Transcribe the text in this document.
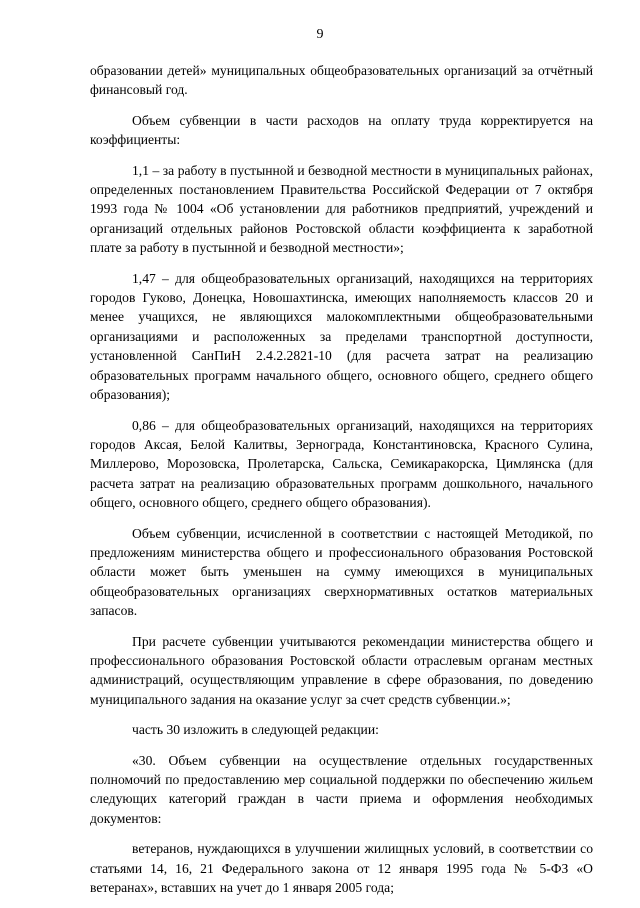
9

образовании детей» муниципальных общеобразовательных организаций за отчётный финансовый год.

Объем субвенции в части расходов на оплату труда корректируется на коэффициенты:

1,1 – за работу в пустынной и безводной местности в муниципальных районах, определенных постановлением Правительства Российской Федерации от 7 октября 1993 года № 1004 «Об установлении для работников предприятий, учреждений и организаций отдельных районов Ростовской области коэффициента к заработной плате за работу в пустынной и безводной местности»;

1,47 – для общеобразовательных организаций, находящихся на территориях городов Гуково, Донецка, Новошахтинска, имеющих наполняемость классов 20 и менее учащихся, не являющихся малокомплектными общеобразовательными организациями и расположенных за пределами транспортной доступности, установленной СанПиН 2.4.2.2821-10 (для расчета затрат на реализацию образовательных программ начального общего, основного общего, среднего общего образования);

0,86 – для общеобразовательных организаций, находящихся на территориях городов Аксая, Белой Калитвы, Зернограда, Константиновска, Красного Сулина, Миллерово, Морозовска, Пролетарска, Сальска, Семикаракорска, Цимлянска (для расчета затрат на реализацию образовательных программ дошкольного, начального общего, основного общего, среднего общего образования).

Объем субвенции, исчисленной в соответствии с настоящей Методикой, по предложениям министерства общего и профессионального образования Ростовской области может быть уменьшен на сумму имеющихся в муниципальных общеобразовательных организациях сверхнормативных остатков материальных запасов.

При расчете субвенции учитываются рекомендации министерства общего и профессионального образования Ростовской области отраслевым органам местных администраций, осуществляющим управление в сфере образования, по доведению муниципального задания на оказание услуг за счет средств субвенции.»;

часть 30 изложить в следующей редакции:

«30. Объем субвенции на осуществление отдельных государственных полномочий по предоставлению мер социальной поддержки по обеспечению жильем следующих категорий граждан в части приема и оформления необходимых документов:

ветеранов, нуждающихся в улучшении жилищных условий, в соответствии со статьями 14, 16, 21 Федерального закона от 12 января 1995 года № 5-ФЗ «О ветеранах», вставших на учет до 1 января 2005 года;
